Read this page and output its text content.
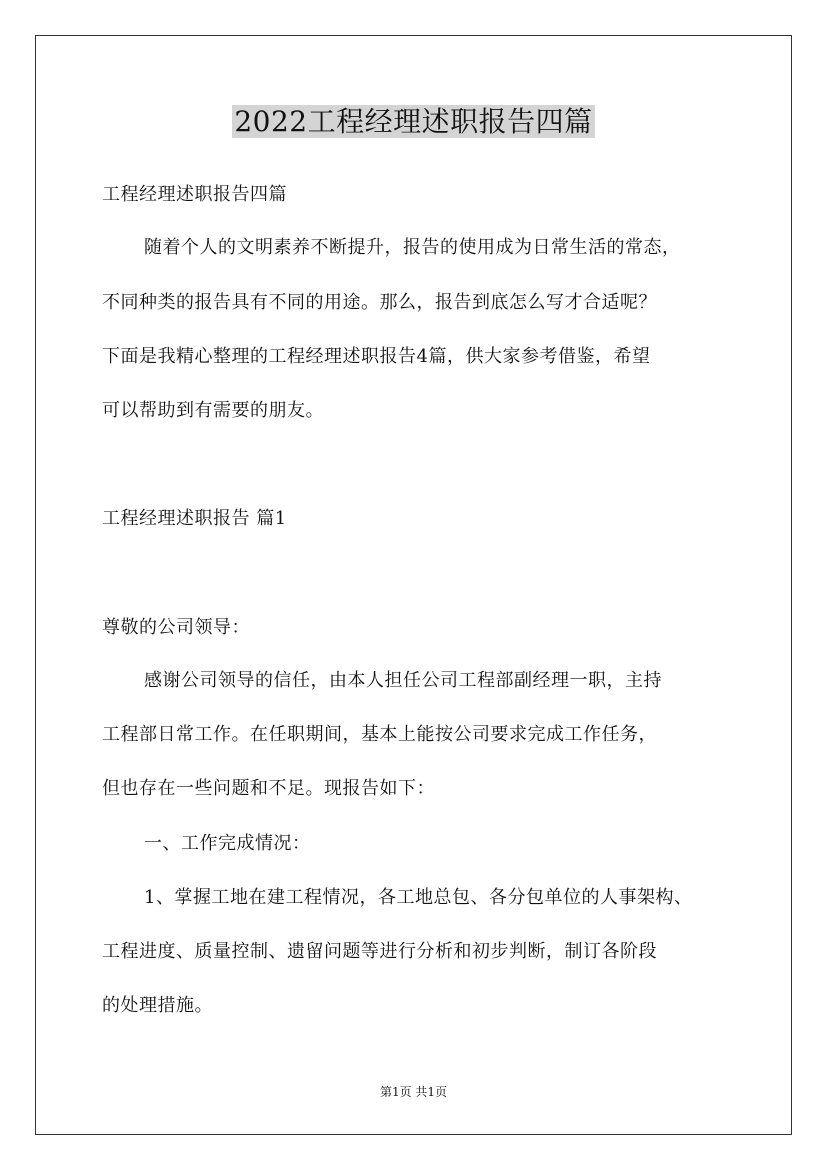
2022工程经理述职报告四篇
工程经理述职报告四篇
随着个人的文明素养不断提升，报告的使用成为日常生活的常态，
不同种类的报告具有不同的用途。那么，报告到底怎么写才合适呢？
下面是我精心整理的工程经理述职报告4篇，供大家参考借鉴，希望
可以帮助到有需要的朋友。
工程经理述职报告 篇1
尊敬的公司领导：
感谢公司领导的信任，由本人担任公司工程部副经理一职，主持
工程部日常工作。在任职期间，基本上能按公司要求完成工作任务，
但也存在一些问题和不足。现报告如下：
一、工作完成情况：
1、掌握工地在建工程情况，各工地总包、各分包单位的人事架构、
工程进度、质量控制、遗留问题等进行分析和初步判断，制订各阶段
的处理措施。
第1页 共1页
